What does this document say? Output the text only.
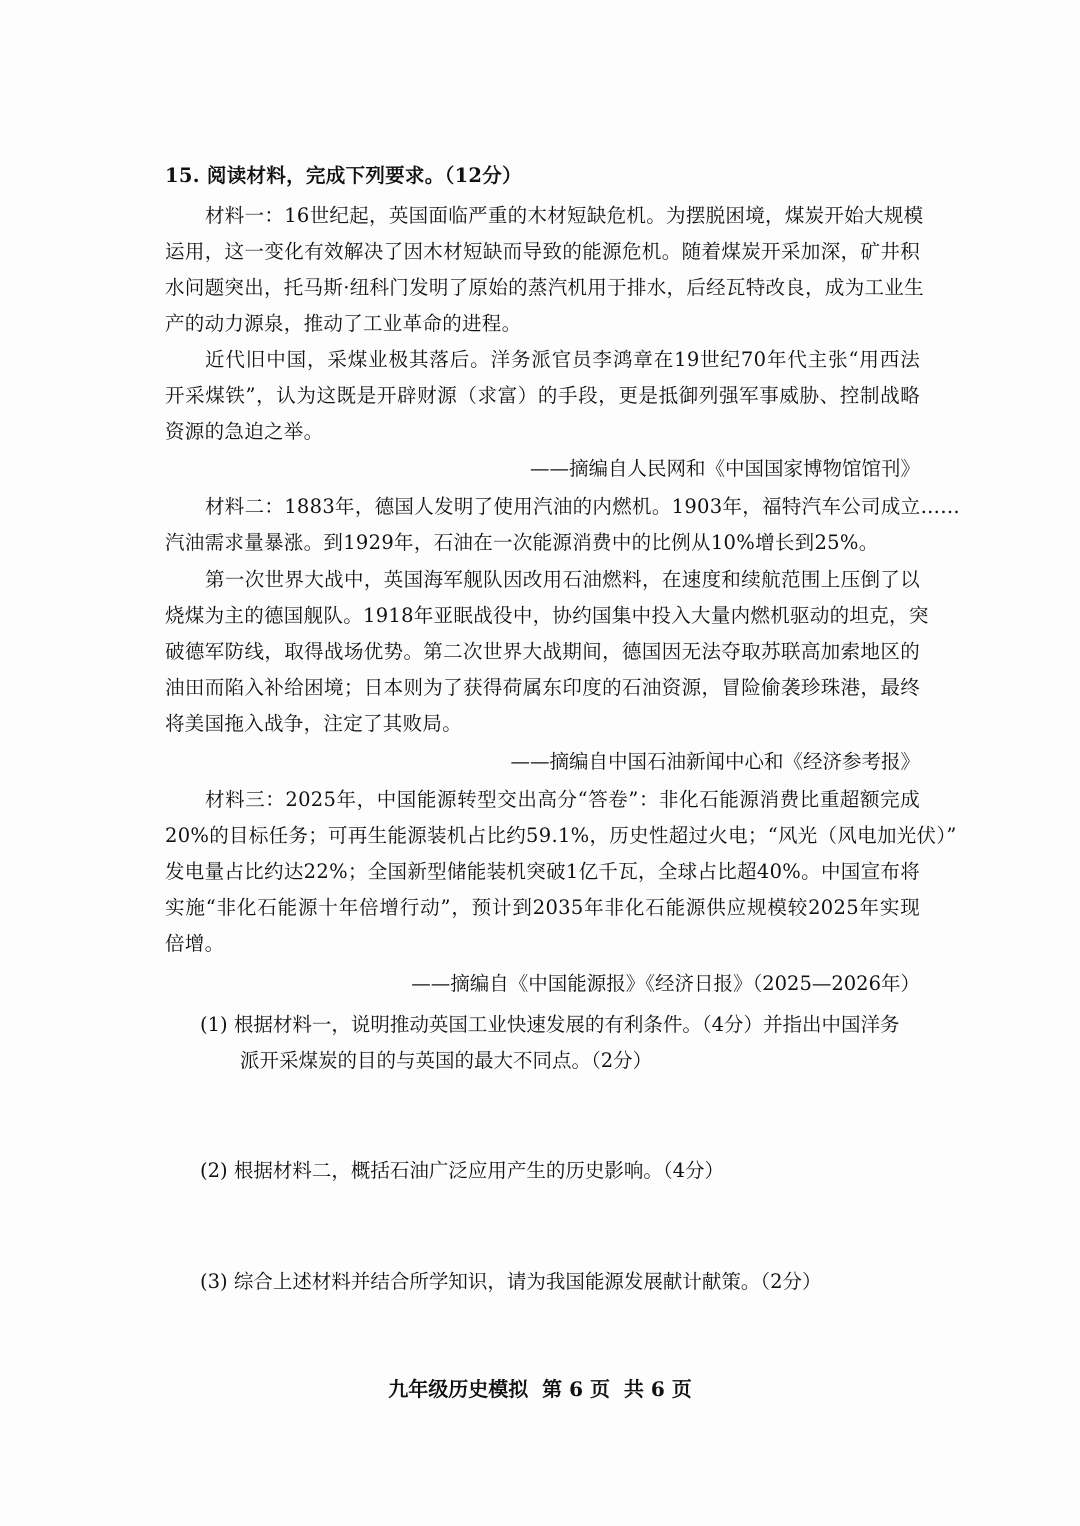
15. 阅读材料，完成下列要求。（12分）
材料一：16世纪起，英国面临严重的木材短缺危机。为摆脱困境，煤炭开始大规模
运用，这一变化有效解决了因木材短缺而导致的能源危机。随着煤炭开采加深，矿井积
水问题突出，托马斯·纽科门发明了原始的蒸汽机用于排水，后经瓦特改良，成为工业生
产的动力源泉，推动了工业革命的进程。
近代旧中国，采煤业极其落后。洋务派官员李鸿章在19世纪70年代主张“用西法
开采煤铁”，认为这既是开辟财源（求富）的手段，更是抵御列强军事威胁、控制战略
资源的急迫之举。
——摘编自人民网和《中国国家博物馆馆刊》
材料二：1883年，德国人发明了使用汽油的内燃机。1903年，福特汽车公司成立……
汽油需求量暴涨。到1929年，石油在一次能源消费中的比例从10%增长到25%。
第一次世界大战中，英国海军舰队因改用石油燃料，在速度和续航范围上压倒了以
烧煤为主的德国舰队。1918年亚眠战役中，协约国集中投入大量内燃机驱动的坦克，突
破德军防线，取得战场优势。第二次世界大战期间，德国因无法夺取苏联高加索地区的
油田而陷入补给困境；日本则为了获得荷属东印度的石油资源，冒险偷袭珍珠港，最终
将美国拖入战争，注定了其败局。
——摘编自中国石油新闻中心和《经济参考报》
材料三：2025年，中国能源转型交出高分“答卷”：非化石能源消费比重超额完成
20%的目标任务；可再生能源装机占比约59.1%，历史性超过火电；“风光（风电加光伏）”
发电量占比约达22%；全国新型储能装机突破1亿千瓦，全球占比超40%。中国宣布将
实施“非化石能源十年倍增行动”，预计到2035年非化石能源供应规模较2025年实现
倍增。
——摘编自《中国能源报》《经济日报》（2025—2026年）
(1) 根据材料一，说明推动英国工业快速发展的有利条件。（4分）并指出中国洋务
派开采煤炭的目的与英国的最大不同点。（2分）
(2) 根据材料二，概括石油广泛应用产生的历史影响。（4分）
(3) 综合上述材料并结合所学知识，请为我国能源发展献计献策。（2分）
九年级历史模拟  第 6 页  共 6 页
